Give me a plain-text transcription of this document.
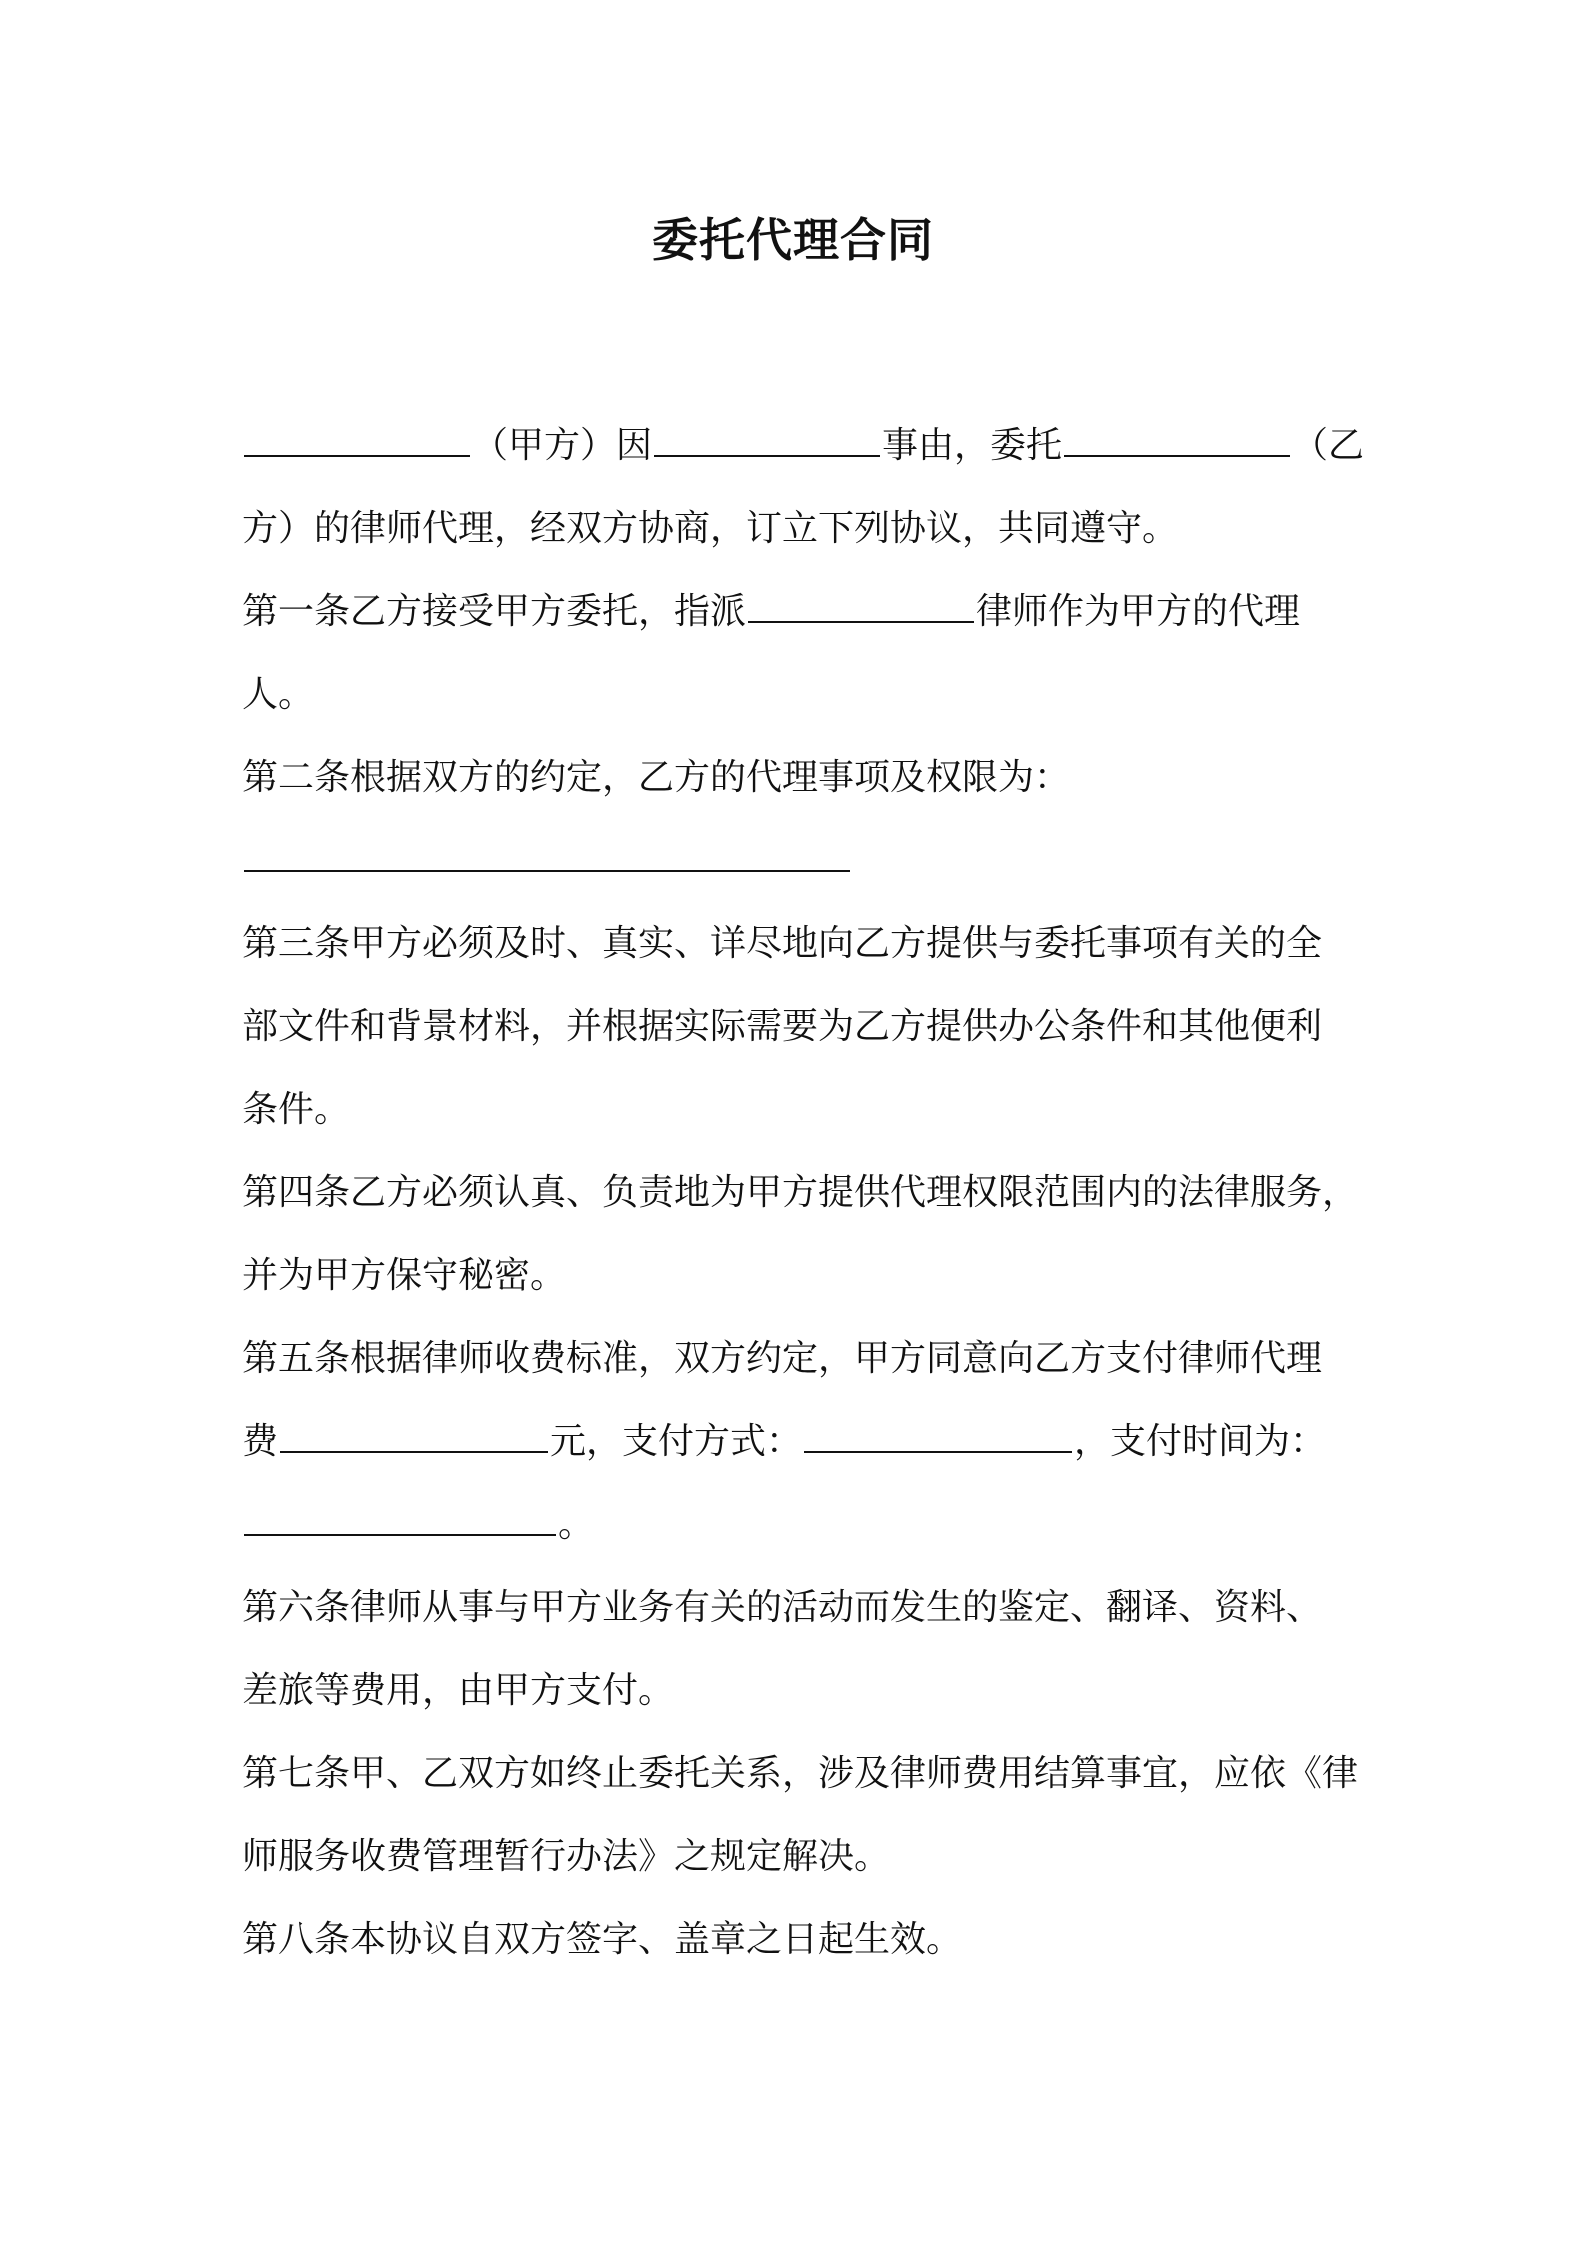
委托代理合同
（甲方）因	事由，委托	（乙
方）的律师代理，经双方协商，订立下列协议，共同遵守。
第一条乙方接受甲方委托，指派	律师作为甲方的代理
人。
第二条根据双方的约定，乙方的代理事项及权限为：
第三条甲方必须及时、真实、详尽地向乙方提供与委托事项有关的全
部文件和背景材料，并根据实际需要为乙方提供办公条件和其他便利
条件。
第四条乙方必须认真、负责地为甲方提供代理权限范围内的法律服务，
并为甲方保守秘密。
第五条根据律师收费标准，双方约定，甲方同意向乙方支付律师代理
费	元，支付方式：	，支付时间为：
。
第六条律师从事与甲方业务有关的活动而发生的鉴定、翻译、资料、
差旅等费用，由甲方支付。
第七条甲、乙双方如终止委托关系，涉及律师费用结算事宜，应依《律
师服务收费管理暂行办法》之规定解决。
第八条本协议自双方签字、盖章之日起生效。
